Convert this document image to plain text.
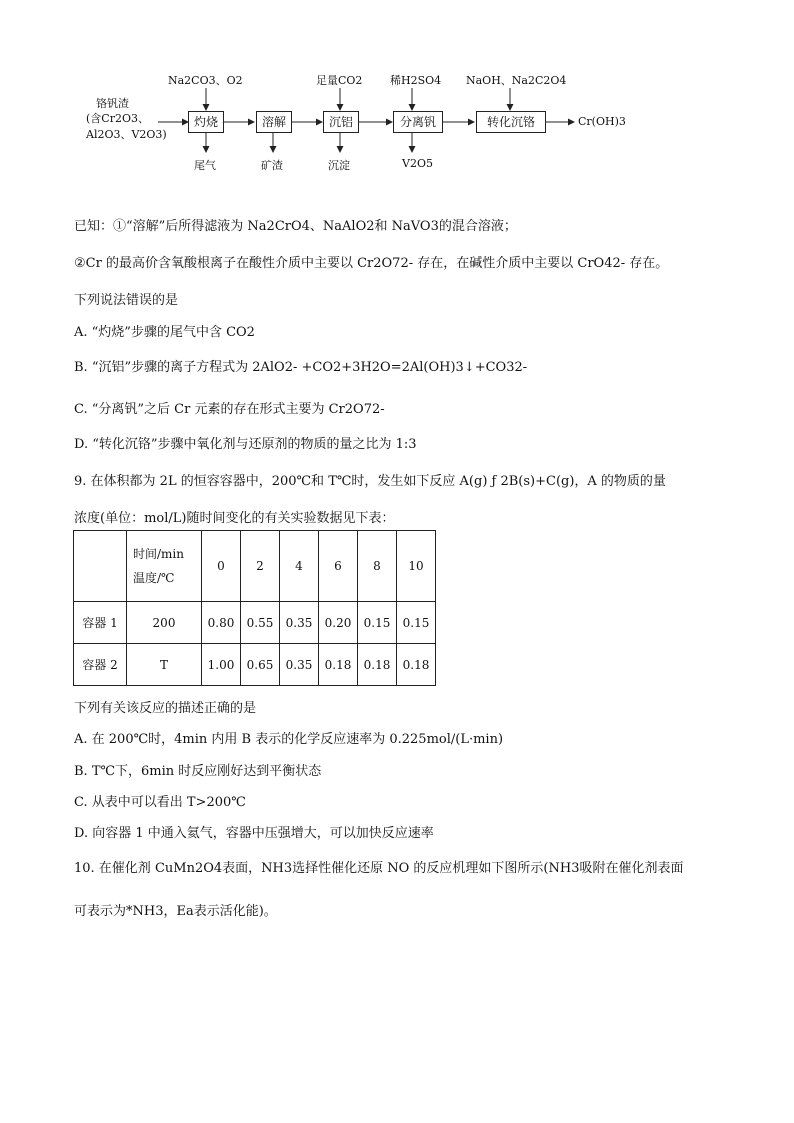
铬钒渣
(含Cr2O3、
Al2O3、V2O3)
灼烧	溶解	沉铝	分离钒	转化沉铬	Cr(OH)3
Na2CO3、O2	足量CO2	稀H2SO4 NaOH、Na2C2O4
尾气	矿渣	沉淀	V2O5
已知：①“溶解”后所得滤液为 Na2CrO4、NaAlO2和 NaVO3的混合溶液；
②Cr 的最高价含氧酸根离子在酸性介质中主要以 Cr2O72- 存在，在碱性介质中主要以 CrO42- 存在。
下列说法错误的是
A. “灼烧”步骤的尾气中含 CO2
B. “沉铝”步骤的离子方程式为 2AlO2- +CO2+3H2O=2Al(OH)3↓+CO32-
C. “分离钒”之后 Cr 元素的存在形式主要为 Cr2O72-
D. “转化沉铬”步骤中氧化剂与还原剂的物质的量之比为 1:3
9. 在体积都为 2L 的恒容容器中，200℃和 T℃时，发生如下反应 A(g) ƒ 2B(s)+C(g)，A 的物质的量
浓度(单位：mol/L)随时间变化的有关实验数据见下表：

	时间/min
温度/℃	0	2	4	6	8	10
容器 1	200	0.80	0.55	0.35	0.20	0.15	0.15
容器 2	T	1.00	0.65	0.35	0.18	0.18	0.18
下列有关该反应的描述正确的是
A. 在 200℃时，4min 内用 B 表示的化学反应速率为 0.225mol/(L·min)
B. T℃下，6min 时反应刚好达到平衡状态
C. 从表中可以看出 T>200℃
D. 向容器 1 中通入氦气，容器中压强增大，可以加快反应速率
10. 在催化剂 CuMn2O4表面，NH3选择性催化还原 NO 的反应机理如下图所示(NH3吸附在催化剂表面
可表示为*NH3，Ea表示活化能)。
